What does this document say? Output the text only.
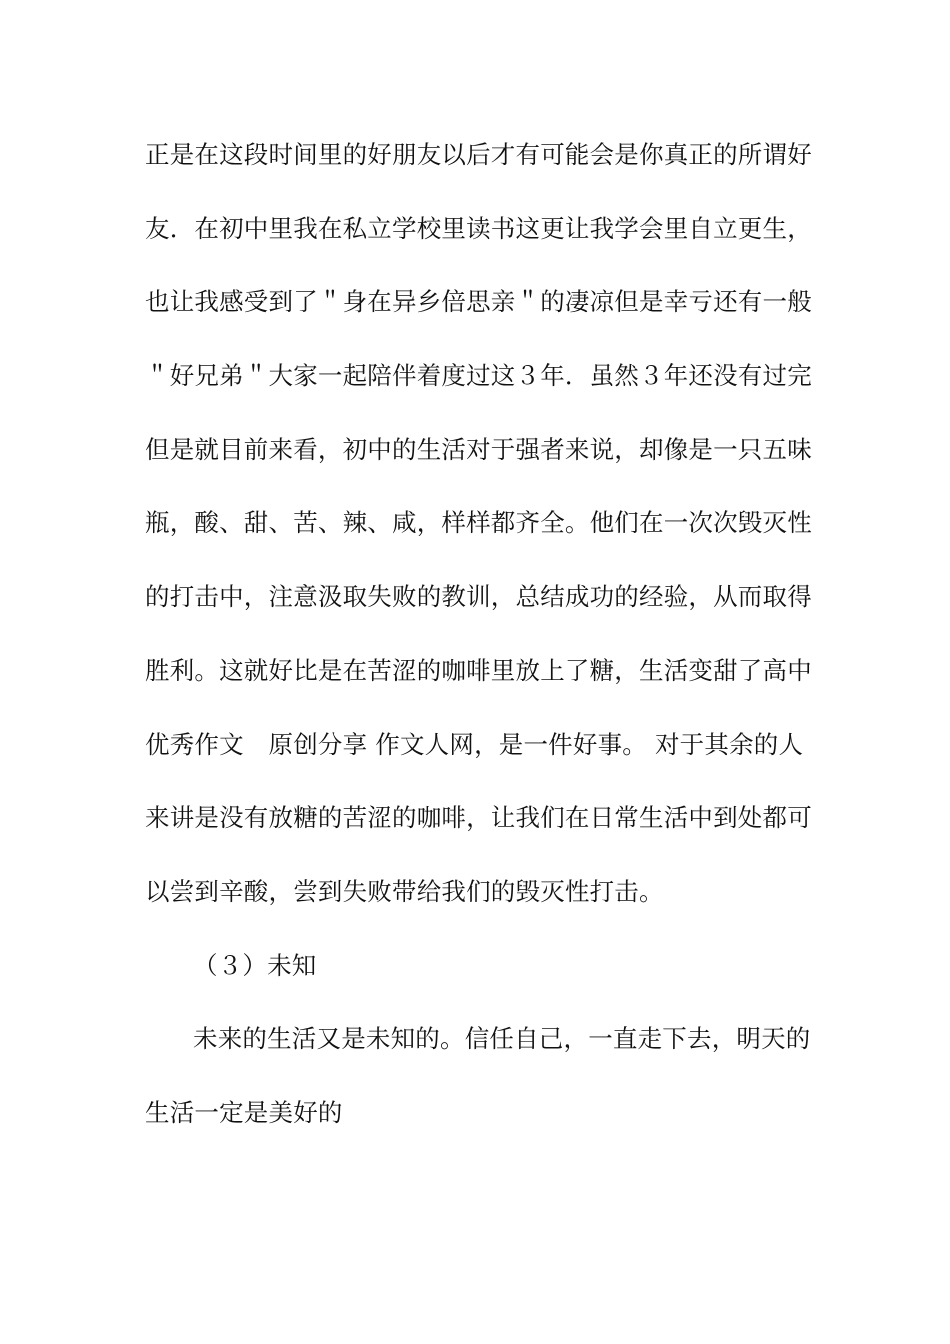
正是在这段时间里的好朋友以后才有可能会是你真正的所谓好
友．在初中里我在私立学校里读书这更让我学会里自立更生，
也让我感受到了＂身在异乡倍思亲＂的凄凉但是幸亏还有一般
＂好兄弟＂大家一起陪伴着度过这３年．虽然３年还没有过完
但是就目前来看，初中的生活对于强者来说，却像是一只五味
瓶，酸、甜、苦、辣、咸，样样都齐全。他们在一次次毁灭性
的打击中，注意汲取失败的教训，总结成功的经验，从而取得
胜利。这就好比是在苦涩的咖啡里放上了糖，生活变甜了高中
优秀作文　原创分享 作文人网，是一件好事。 对于其余的人
来讲是没有放糖的苦涩的咖啡，让我们在日常生活中到处都可
以尝到辛酸，尝到失败带给我们的毁灭性打击。
（３）未知
未来的生活又是未知的。信任自己，一直走下去，明天的
生活一定是美好的
